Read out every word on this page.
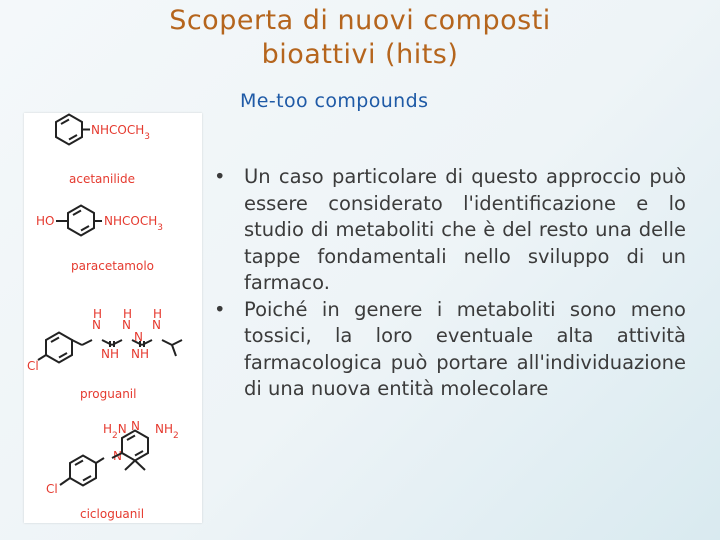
Scoperta di nuovi composti
bioattivi (hits)
Me-too compounds
$NHCOCH_3$
acetanilide
HO	$NHCOCH_3$
paracetamolo
Cl
H
N N
H
N
N
H
NH NH
proguanil
$H_2N$ $NH_2$
N
N
Cl
cicloguanil
• Un caso particolare di questo approccio può essere considerato l'identificazione e lo studio di metaboliti che è del resto una delle tappe fondamentali nello sviluppo di un farmaco.
• Poiché in genere i metaboliti sono meno tossici, la loro eventuale alta attività farmacologica può portare all'individuazione di una nuova entità molecolare
